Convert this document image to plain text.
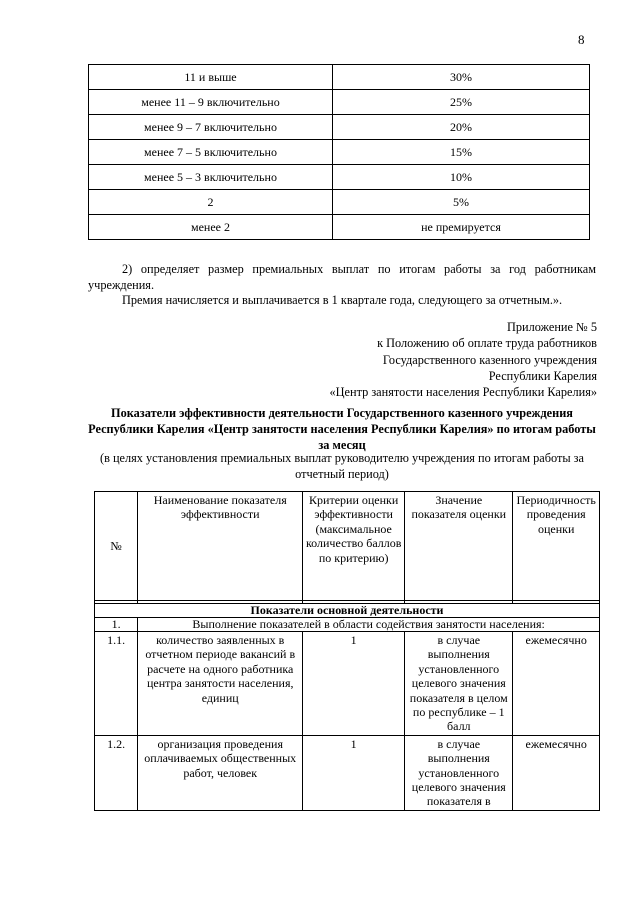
8
11 и выше	30%
менее 11 – 9 включительно	25%
менее 9 – 7 включительно	20%
менее 7 – 5 включительно	15%
менее 5 – 3 включительно	10%
2	5%
менее 2	не премируется
2) определяет размер премиальных выплат по итогам работы за год работникам учреждения.
Премия начисляется и выплачивается в 1 квартале года, следующего за отчетным.».
Приложение № 5
к Положению об оплате труда работников
Государственного казенного учреждения
Республики Карелия
«Центр занятости населения Республики Карелия»
Показатели эффективности деятельности Государственного казенного учреждения Республики Карелия «Центр занятости населения Республики Карелия» по итогам работы за месяц
(в целях установления премиальных выплат руководителю учреждения по итогам работы за отчетный период)
№	Наименование показателя эффективности	Критерии оценки эффективности (максимальное количество баллов по критерию)	Значение показателя оценки	Периодичность проведения оценки

Показатели основной деятельности				
1.	Выполнение показателей в области содействия занятости населения:			
1.1.	количество заявленных в отчетном периоде вакансий в расчете на одного работника центра занятости населения, единиц	1	в случае выполнения установленного целевого значения показателя в целом по республике – 1 балл	ежемесячно
1.2.	организация проведения оплачиваемых общественных работ, человек	1	в случае выполнения установленного целевого значения показателя в	ежемесячно
